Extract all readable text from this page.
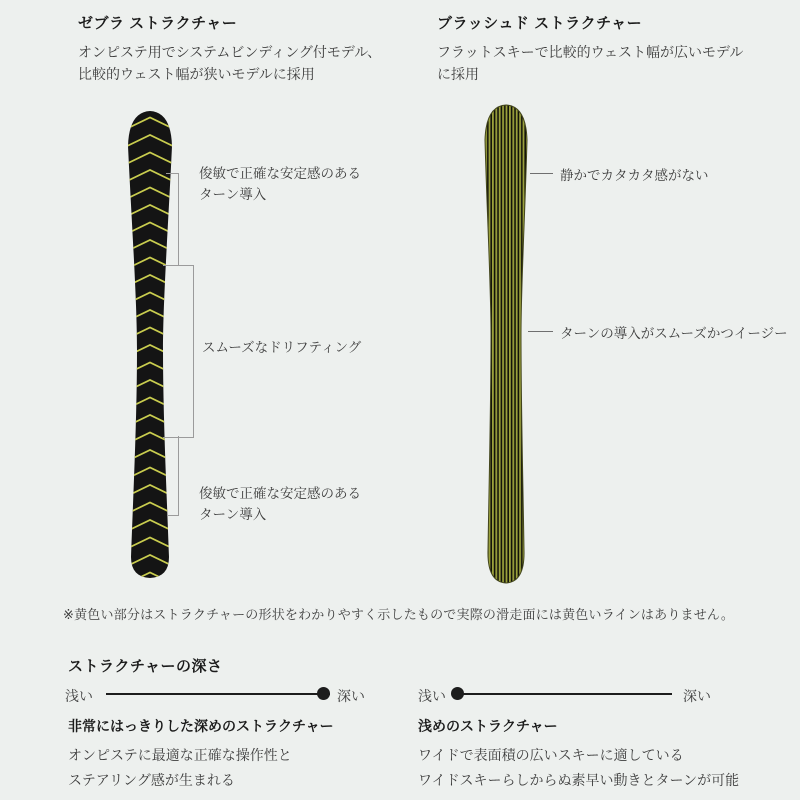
ゼブラ ストラクチャー
オンピステ用でシステムビンディング付モデル、
比較的ウェスト幅が狭いモデルに採用
ブラッシュド ストラクチャー
フラットスキーで比較的ウェスト幅が広いモデル
に採用
俊敏で正確な安定感のある
ターン導入
スムーズなドリフティング
俊敏で正確な安定感のある
ターン導入
静かでカタカタ感がない
ターンの導入がスムーズかつイージー
※黄色い部分はストラクチャーの形状をわかりやすく示したもので実際の滑走面には黄色いラインはありません。
ストラクチャーの深さ
浅い	深い	浅い	深い
非常にはっきりした深めのストラクチャー
オンピステに最適な正確な操作性と
ステアリング感が生まれる
浅めのストラクチャー
ワイドで表面積の広いスキーに適している
ワイドスキーらしからぬ素早い動きとターンが可能
